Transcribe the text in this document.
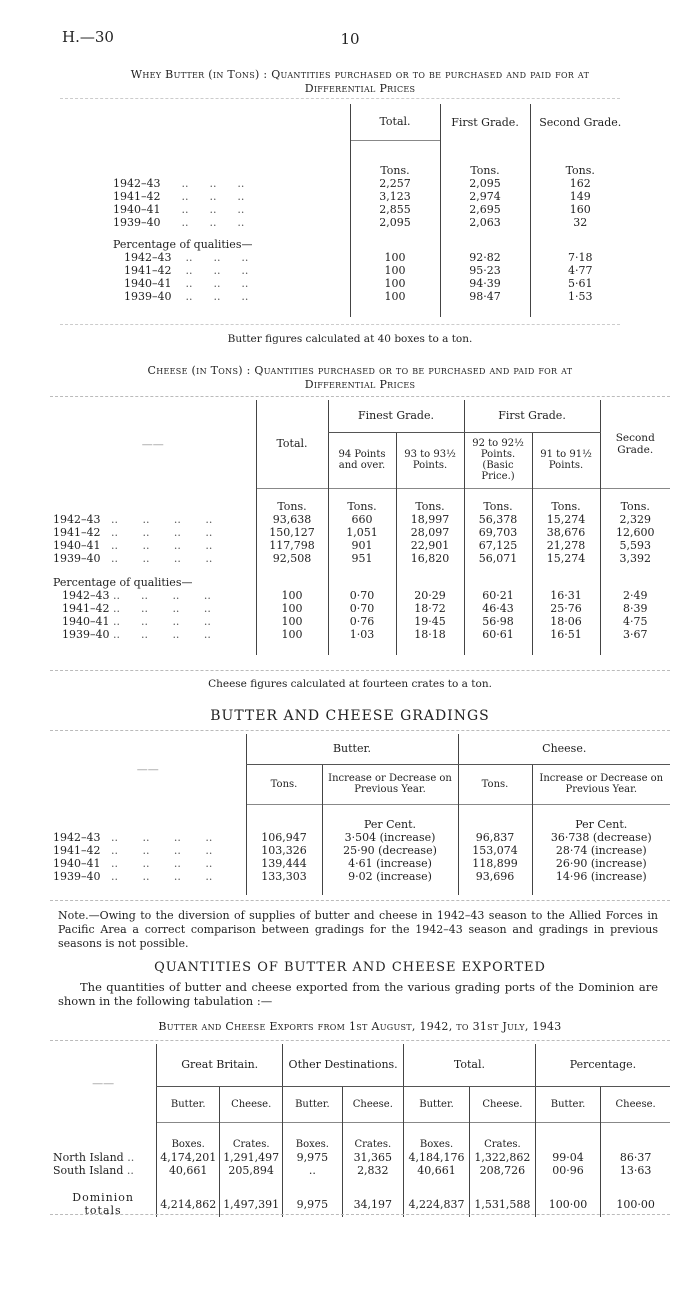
H.—30	10
Whey Butter (in Tons) : Quantities purchased or to be purchased and paid for at
Differential Prices
	Total.	First Grade.	Second Grade.

	Tons.	Tons.	Tons.
1942–43      ..      ..      ..	2,257	2,095	162
1941–42      ..      ..      ..	3,123	2,974	149
1940–41      ..      ..      ..	2,855	2,695	160
1939–40      ..      ..      ..	2,095	2,063	32
Percentage of qualities—			
1942–43    ..      ..      ..	100	92·82	7·18
1941–42    ..      ..      ..	100	95·23	4·77
1940–41    ..      ..      ..	100	94·39	5·61
1939–40    ..      ..      ..	100	98·47	1·53

Butter figures calculated at 40 boxes to a ton.
Cheese (in Tons) : Quantities purchased or to be purchased and paid for at
Differential Prices
——	Total.	Finest Grade.		First Grade.		Second Grade.
		94 Points and over.	93 to 93½ Points.	92 to 92½ Points. (Basic Price.)	91 to 91½ Points.	

	Tons.	Tons.	Tons.	Tons.	Tons.	Tons.
1942–43   ..       ..       ..       ..	93,638	660	18,997	56,378	15,274	2,329
1941–42   ..       ..       ..       ..	150,127	1,051	28,097	69,703	38,676	12,600
1940–41   ..       ..       ..       ..	117,798	901	22,901	67,125	21,278	5,593
1939–40   ..       ..       ..       ..	92,508	951	16,820	56,071	15,274	3,392
Percentage of qualities—						
1942–43 ..      ..       ..       ..	100	0·70	20·29	60·21	16·31	2·49
1941–42 ..      ..       ..       ..	100	0·70	18·72	46·43	25·76	8·39
1940–41 ..      ..       ..       ..	100	0·76	19·45	56·98	18·06	4·75
1939–40 ..      ..       ..       ..	100	1·03	18·18	60·61	16·51	3·67

Cheese figures calculated at fourteen crates to a ton.
BUTTER AND CHEESE GRADINGS
——	Butter.		Cheese.	
	Tons.	Increase or Decrease on Previous Year.	Tons.	Increase or Decrease on Previous Year.

		Per Cent.		Per Cent.
1942–43   ..       ..       ..       ..	106,947	3·504 (increase)	96,837	36·738 (decrease)
1941–42   ..       ..       ..       ..	103,326	25·90 (decrease)	153,074	28·74 (increase)
1940–41   ..       ..       ..       ..	139,444	4·61 (increase)	118,899	26·90 (increase)
1939–40   ..       ..       ..       ..	133,303	9·02 (increase)	93,696	14·96 (increase)

Note.—Owing to the diversion of supplies of butter and cheese in 1942–43 season to the Allied Forces in Pacific Area a correct comparison between gradings for the 1942–43 season and gradings in previous seasons is not possible.
QUANTITIES OF BUTTER AND CHEESE EXPORTED
The quantities of butter and cheese exported from the various grading ports of the Dominion are shown in the following tabulation :—
Butter and Cheese Exports from 1st August, 1942, to 31st July, 1943
——	Great Britain.		Other Destinations.		Total.		Percentage.	
	Butter.	Cheese.	Butter.	Cheese.	Butter.	Cheese.	Butter.	Cheese.

	Boxes.	Crates.	Boxes.	Crates.	Boxes.	Crates.		
North Island ..	4,174,201	1,291,497	9,975	31,365	4,184,176	1,322,862	99·04	86·37
South Island ..	40,661	205,894	..	2,832	40,661	208,726	00·96	13·63

Dominion totals	4,214,862	1,497,391	9,975	34,197	4,224,837	1,531,588	100·00	100·00
